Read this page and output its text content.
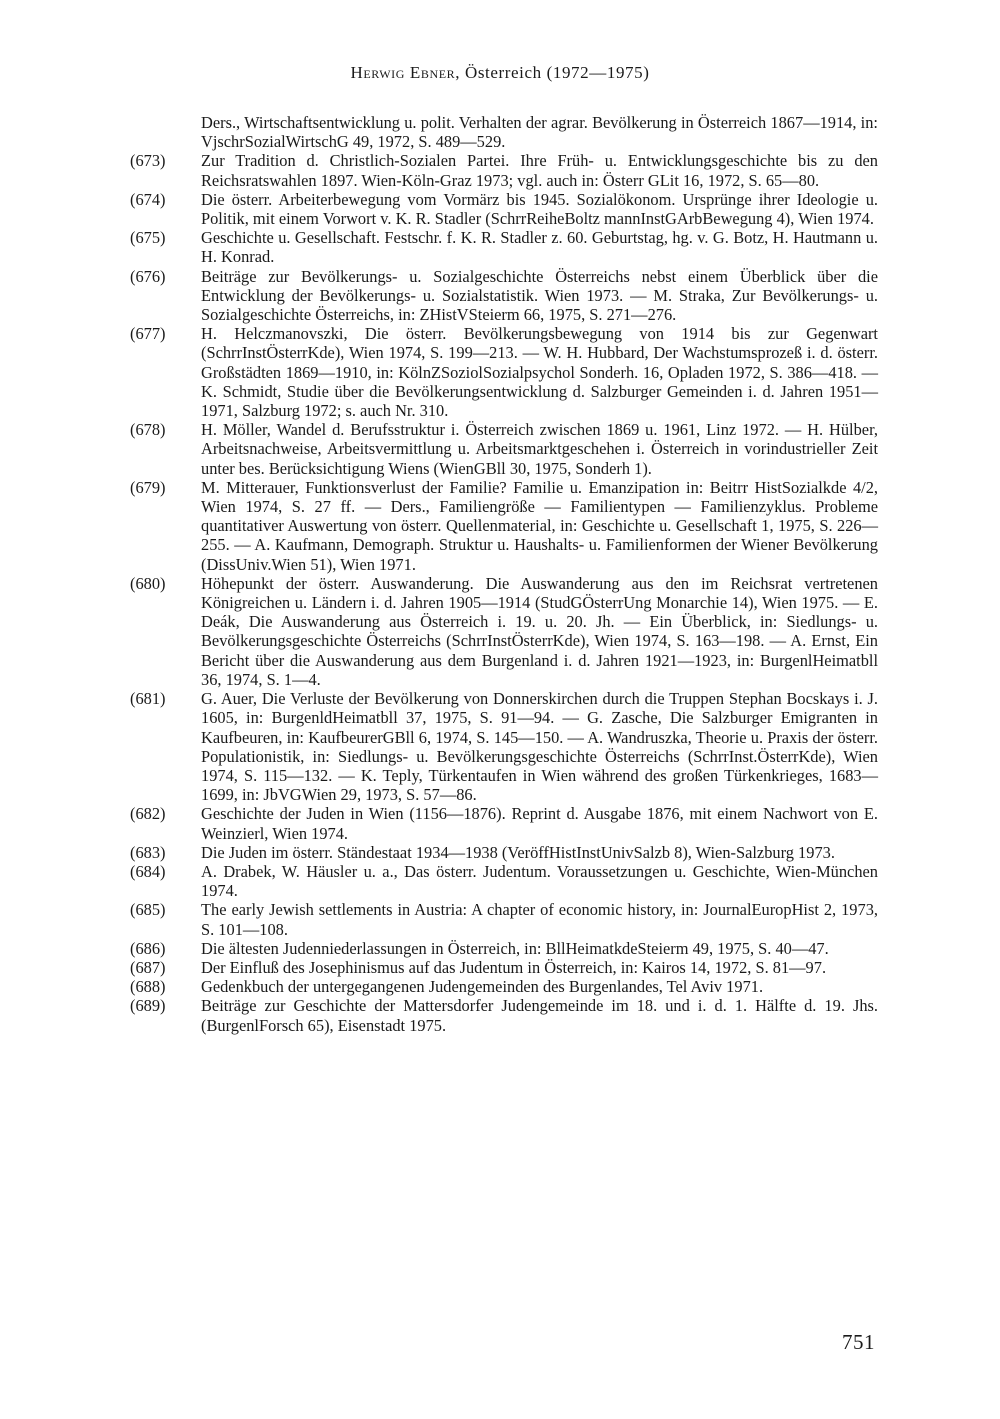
Herwig Ebner, Österreich (1972—1975)
Ders., Wirtschaftsentwicklung u. polit. Verhalten der agrar. Bevölkerung in Österreich 1867—1914, in: VjschrSozialWirtschG 49, 1972, S. 489—529.
(673) Zur Tradition d. Christlich-Sozialen Partei. Ihre Früh- u. Entwicklungsgeschichte bis zu den Reichsratswahlen 1897. Wien-Köln-Graz 1973; vgl. auch in: Österr GLit 16, 1972, S. 65—80.
(674) Die österr. Arbeiterbewegung vom Vormärz bis 1945. Sozialökonom. Ursprünge ihrer Ideologie u. Politik, mit einem Vorwort v. K. R. Stadler (SchrrReiheBoltz mannInstGArbBewegung 4), Wien 1974.
(675) Geschichte u. Gesellschaft. Festschr. f. K. R. Stadler z. 60. Geburtstag, hg. v. G. Botz, H. Hautmann u. H. Konrad.
(676) Beiträge zur Bevölkerungs- u. Sozialgeschichte Österreichs nebst einem Überblick über die Entwicklung der Bevölkerungs- u. Sozialstatistik. Wien 1973. — M. Straka, Zur Bevölkerungs- u. Sozialgeschichte Österreichs, in: ZHistVSteierm 66, 1975, S. 271—276.
(677) H. Helczmanovszki, Die österr. Bevölkerungsbewegung von 1914 bis zur Gegenwart (SchrrInstÖsterrKde), Wien 1974, S. 199—213. — W. H. Hubbard, Der Wachstumsprozeß i. d. österr. Großstädten 1869—1910, in: KölnZSoziolSozialpsychol Sonderh. 16, Opladen 1972, S. 386—418. — K. Schmidt, Studie über die Bevölkerungsentwicklung d. Salzburger Gemeinden i. d. Jahren 1951—1971, Salzburg 1972; s. auch Nr. 310.
(678) H. Möller, Wandel d. Berufsstruktur i. Österreich zwischen 1869 u. 1961, Linz 1972. — H. Hülber, Arbeitsnachweise, Arbeitsvermittlung u. Arbeitsmarktgeschehen i. Österreich in vorindustrieller Zeit unter bes. Berücksichtigung Wiens (WienGBll 30, 1975, Sonderh 1).
(679) M. Mitterauer, Funktionsverlust der Familie? Familie u. Emanzipation in: Beitrr HistSozialkde 4/2, Wien 1974, S. 27 ff. — Ders., Familiengröße — Familientypen — Familienzyklus. Probleme quantitativer Auswertung von österr. Quellenmaterial, in: Geschichte u. Gesellschaft 1, 1975, S. 226—255. — A. Kaufmann, Demograph. Struktur u. Haushalts- u. Familienformen der Wiener Bevölkerung (DissUniv.Wien 51), Wien 1971.
(680) Höhepunkt der österr. Auswanderung. Die Auswanderung aus den im Reichsrat vertretenen Königreichen u. Ländern i. d. Jahren 1905—1914 (StudGÖsterrUng Monarchie 14), Wien 1975. — E. Deák, Die Auswanderung aus Österreich i. 19. u. 20. Jh. — Ein Überblick, in: Siedlungs- u. Bevölkerungsgeschichte Österreichs (SchrrInstÖsterrKde), Wien 1974, S. 163—198. — A. Ernst, Ein Bericht über die Auswanderung aus dem Burgenland i. d. Jahren 1921—1923, in: BurgenlHeimatbll 36, 1974, S. 1—4.
(681) G. Auer, Die Verluste der Bevölkerung von Donnerskirchen durch die Truppen Stephan Bocskays i. J. 1605, in: BurgenldHeimatbll 37, 1975, S. 91—94. — G. Zasche, Die Salzburger Emigranten in Kaufbeuren, in: KaufbeurerGBll 6, 1974, S. 145—150. — A. Wandruszka, Theorie u. Praxis der österr. Populationistik, in: Siedlungs- u. Bevölkerungsgeschichte Österreichs (SchrrInst.ÖsterrKde), Wien 1974, S. 115—132. — K. Teply, Türkentaufen in Wien während des großen Türkenkrieges, 1683—1699, in: JbVGWien 29, 1973, S. 57—86.
(682) Geschichte der Juden in Wien (1156—1876). Reprint d. Ausgabe 1876, mit einem Nachwort von E. Weinzierl, Wien 1974.
(683) Die Juden im österr. Ständestaat 1934—1938 (VeröffHistInstUnivSalzb 8), Wien-Salzburg 1973.
(684) A. Drabek, W. Häusler u. a., Das österr. Judentum. Voraussetzungen u. Geschichte, Wien-München 1974.
(685) The early Jewish settlements in Austria: A chapter of economic history, in: JournalEuropHist 2, 1973, S. 101—108.
(686) Die ältesten Judenniederlassungen in Österreich, in: BllHeimatkdeSteierm 49, 1975, S. 40—47.
(687) Der Einfluß des Josephinismus auf das Judentum in Österreich, in: Kairos 14, 1972, S. 81—97.
(688) Gedenkbuch der untergegangenen Judengemeinden des Burgenlandes, Tel Aviv 1971.
(689) Beiträge zur Geschichte der Mattersdorfer Judengemeinde im 18. und i. d. 1. Hälfte d. 19. Jhs. (BurgenlForsch 65), Eisenstadt 1975.
751
